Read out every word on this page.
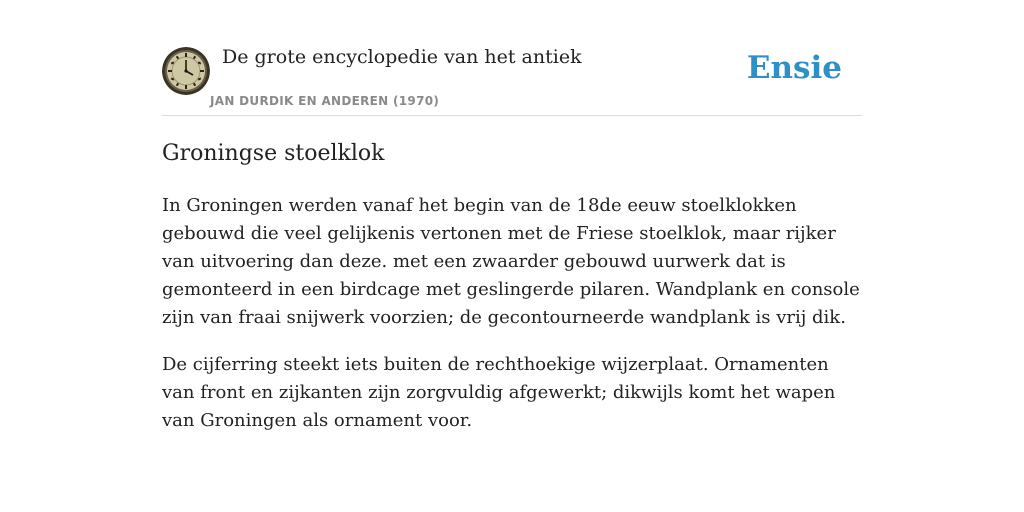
De grote encyclopedie van het antiek
JAN DURDIK EN ANDEREN (1970)
Ensie
Groningse stoelklok

In Groningen werden vanaf het begin van de 18de eeuw stoelklokken gebouwd die veel gelijkenis vertonen met de Friese stoelklok, maar rijker van uitvoering dan deze. met een zwaarder gebouwd uurwerk dat is gemonteerd in een birdcage met geslingerde pilaren. Wandplank en console zijn van fraai snijwerk voorzien; de gecontourneerde wandplank is vrij dik.

De cijferring steekt iets buiten de rechthoekige wijzerplaat. Ornamenten van front en zijkanten zijn zorgvuldig afgewerkt; dikwijls komt het wapen van Groningen als ornament voor.
